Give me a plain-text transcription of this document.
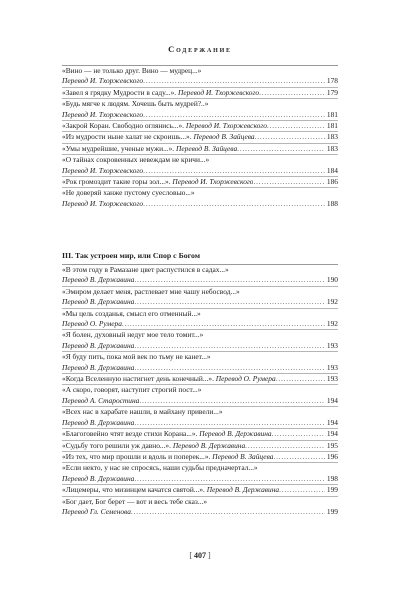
Содержание
«Вино — не только друг. Вино — мудрец...»
Перевод И. Тхоржевского .....	178
«Завел я грядку Мудрости в саду...». Перевод И. Тхоржевского .....	179
«Будь мягче к людям. Хочешь быть мудрей?..»
Перевод И. Тхоржевского .....	181
«Закрой Коран. Свободно оглянись...». Перевод И. Тхоржевского .....	181
«Из мудрости ныне халат не скроишь...». Перевод В. Зайцева .....	183
«Умы мудрейшие, ученые мужи...». Перевод В. Зайцева .....	183
«О тайнах сокровенных невеждам не кричи...»
Перевод И. Тхоржевского .....	184
«Рок громоздит такие горы зол...». Перевод И. Тхоржевского .....	186
«Не доверяй ханже пустому суесловью...»
Перевод И. Тхоржевского .....	188
III. Так устроен мир, или Спор с Богом
«В этом году в Рамазане цвет распустился в садах...»
Перевод В. Державина .....	190
«Эмиром делает меня, растлевает мне чашу небосвод...»
Перевод В. Державина .....	192
«Мы цель созданья, смысл его отменный...»
Перевод О. Румера .....	192
«Я болен, духовный недуг мое тело томит...»
Перевод В. Державина .....	193
«Я буду пить, пока мой век по тьму не канет...»
Перевод В. Державина .....	193
«Когда Вселенную настигнет день конечный...». Перевод О. Румера .....	193
«А скоро, говорят, наступит строгий пост...»
Перевод А. Старостина .....	194
«Всех нас в харабате нашли, в майхану привели...»
Перевод В. Державина .....	194
«Благоговейно чтят везде стихи Корана...». Перевод В. Державина .....	194
«Судьбу того решили уж давно...». Перевод В. Державина .....	195
«Из тех, что мир прошли и вдоль и поперек...». Перевод В. Зайцева .....	196
«Если некто, у нас не спросясь, наши судьбы предначертал...»
Перевод В. Державина .....	198
«Лицемеры, что мизинцем качатся святой...». Перевод В. Державина .....	199
«Бог дает, Бог берет — вот и весь тебе сказ...»
Перевод Гл. Семенова .....	199
[ 407 ]
